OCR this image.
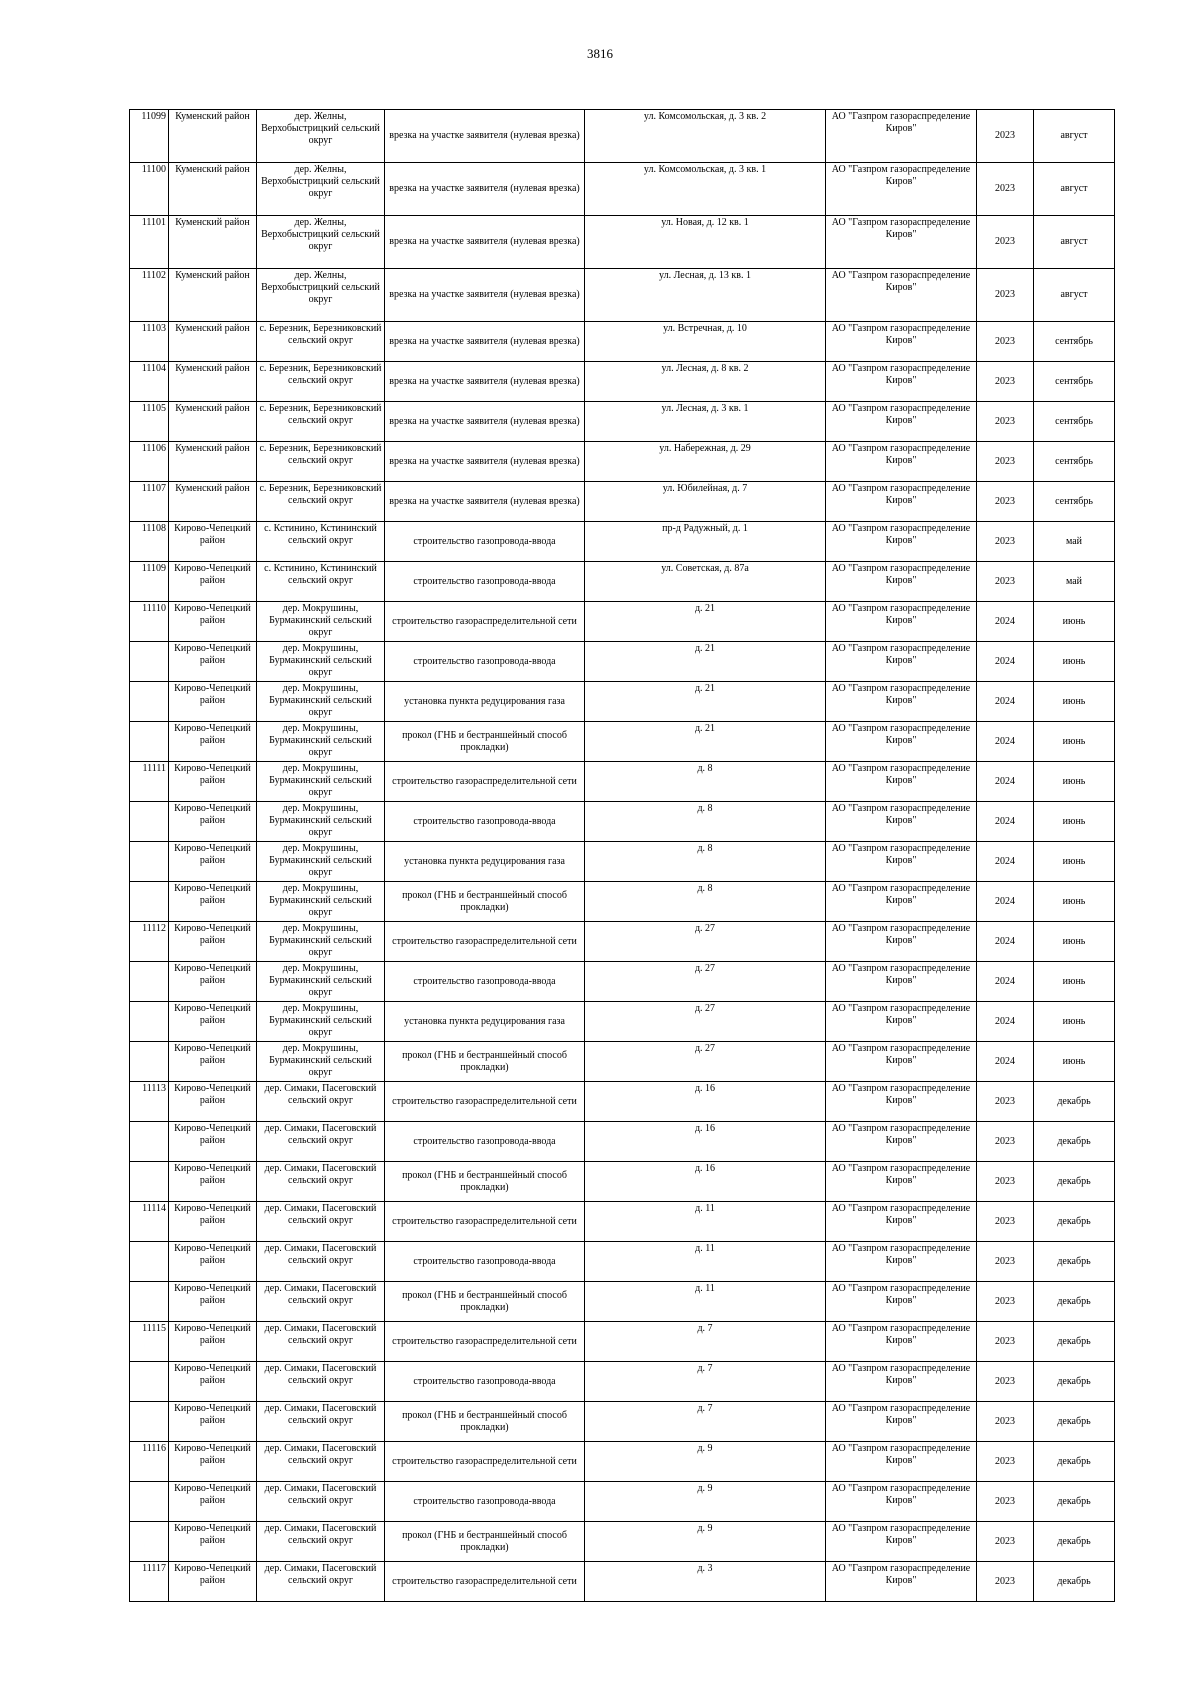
3816
11099	Куменский район	дер. Желны, Верхобыстрицкий сельский округ	врезка на участке заявителя (нулевая врезка)	ул. Комсомольская, д. 3 кв. 2	АО "Газпром газораспределение Киров"	2023	август
11100	Куменский район	дер. Желны, Верхобыстрицкий сельский округ	врезка на участке заявителя (нулевая врезка)	ул. Комсомольская, д. 3 кв. 1	АО "Газпром газораспределение Киров"	2023	август
11101	Куменский район	дер. Желны, Верхобыстрицкий сельский округ	врезка на участке заявителя (нулевая врезка)	ул. Новая, д. 12 кв. 1	АО "Газпром газораспределение Киров"	2023	август
11102	Куменский район	дер. Желны, Верхобыстрицкий сельский округ	врезка на участке заявителя (нулевая врезка)	ул. Лесная, д. 13 кв. 1	АО "Газпром газораспределение Киров"	2023	август
11103	Куменский район	с. Березник, Березниковский сельский округ	врезка на участке заявителя (нулевая врезка)	ул. Встречная, д. 10	АО "Газпром газораспределение Киров"	2023	сентябрь
11104	Куменский район	с. Березник, Березниковский сельский округ	врезка на участке заявителя (нулевая врезка)	ул. Лесная, д. 8 кв. 2	АО "Газпром газораспределение Киров"	2023	сентябрь
11105	Куменский район	с. Березник, Березниковский сельский округ	врезка на участке заявителя (нулевая врезка)	ул. Лесная, д. 3 кв. 1	АО "Газпром газораспределение Киров"	2023	сентябрь
11106	Куменский район	с. Березник, Березниковский сельский округ	врезка на участке заявителя (нулевая врезка)	ул. Набережная, д. 29	АО "Газпром газораспределение Киров"	2023	сентябрь
11107	Куменский район	с. Березник, Березниковский сельский округ	врезка на участке заявителя (нулевая врезка)	ул. Юбилейная, д. 7	АО "Газпром газораспределение Киров"	2023	сентябрь
11108	Кирово-Чепецкий район	с. Кстинино, Кстининский сельский округ	строительство газопровода-ввода	пр-д Радужный, д. 1	АО "Газпром газораспределение Киров"	2023	май
11109	Кирово-Чепецкий район	с. Кстинино, Кстининский сельский округ	строительство газопровода-ввода	ул. Советская, д. 87а	АО "Газпром газораспределение Киров"	2023	май
11110	Кирово-Чепецкий район	дер. Мокрушины, Бурмакинский сельский округ	строительство газораспределительной сети	д. 21	АО "Газпром газораспределение Киров"	2024	июнь
	Кирово-Чепецкий район	дер. Мокрушины, Бурмакинский сельский округ	строительство газопровода-ввода	д. 21	АО "Газпром газораспределение Киров"	2024	июнь
	Кирово-Чепецкий район	дер. Мокрушины, Бурмакинский сельский округ	установка пункта редуцирования газа	д. 21	АО "Газпром газораспределение Киров"	2024	июнь
	Кирово-Чепецкий район	дер. Мокрушины, Бурмакинский сельский округ	прокол (ГНБ и бестраншейный способ прокладки)	д. 21	АО "Газпром газораспределение Киров"	2024	июнь
11111	Кирово-Чепецкий район	дер. Мокрушины, Бурмакинский сельский округ	строительство газораспределительной сети	д. 8	АО "Газпром газораспределение Киров"	2024	июнь
	Кирово-Чепецкий район	дер. Мокрушины, Бурмакинский сельский округ	строительство газопровода-ввода	д. 8	АО "Газпром газораспределение Киров"	2024	июнь
	Кирово-Чепецкий район	дер. Мокрушины, Бурмакинский сельский округ	установка пункта редуцирования газа	д. 8	АО "Газпром газораспределение Киров"	2024	июнь
	Кирово-Чепецкий район	дер. Мокрушины, Бурмакинский сельский округ	прокол (ГНБ и бестраншейный способ прокладки)	д. 8	АО "Газпром газораспределение Киров"	2024	июнь
11112	Кирово-Чепецкий район	дер. Мокрушины, Бурмакинский сельский округ	строительство газораспределительной сети	д. 27	АО "Газпром газораспределение Киров"	2024	июнь
	Кирово-Чепецкий район	дер. Мокрушины, Бурмакинский сельский округ	строительство газопровода-ввода	д. 27	АО "Газпром газораспределение Киров"	2024	июнь
	Кирово-Чепецкий район	дер. Мокрушины, Бурмакинский сельский округ	установка пункта редуцирования газа	д. 27	АО "Газпром газораспределение Киров"	2024	июнь
	Кирово-Чепецкий район	дер. Мокрушины, Бурмакинский сельский округ	прокол (ГНБ и бестраншейный способ прокладки)	д. 27	АО "Газпром газораспределение Киров"	2024	июнь
11113	Кирово-Чепецкий район	дер. Симаки, Пасеговский сельский округ	строительство газораспределительной сети	д. 16	АО "Газпром газораспределение Киров"	2023	декабрь
	Кирово-Чепецкий район	дер. Симаки, Пасеговский сельский округ	строительство газопровода-ввода	д. 16	АО "Газпром газораспределение Киров"	2023	декабрь
	Кирово-Чепецкий район	дер. Симаки, Пасеговский сельский округ	прокол (ГНБ и бестраншейный способ прокладки)	д. 16	АО "Газпром газораспределение Киров"	2023	декабрь
11114	Кирово-Чепецкий район	дер. Симаки, Пасеговский сельский округ	строительство газораспределительной сети	д. 11	АО "Газпром газораспределение Киров"	2023	декабрь
	Кирово-Чепецкий район	дер. Симаки, Пасеговский сельский округ	строительство газопровода-ввода	д. 11	АО "Газпром газораспределение Киров"	2023	декабрь
	Кирово-Чепецкий район	дер. Симаки, Пасеговский сельский округ	прокол (ГНБ и бестраншейный способ прокладки)	д. 11	АО "Газпром газораспределение Киров"	2023	декабрь
11115	Кирово-Чепецкий район	дер. Симаки, Пасеговский сельский округ	строительство газораспределительной сети	д. 7	АО "Газпром газораспределение Киров"	2023	декабрь
	Кирово-Чепецкий район	дер. Симаки, Пасеговский сельский округ	строительство газопровода-ввода	д. 7	АО "Газпром газораспределение Киров"	2023	декабрь
	Кирово-Чепецкий район	дер. Симаки, Пасеговский сельский округ	прокол (ГНБ и бестраншейный способ прокладки)	д. 7	АО "Газпром газораспределение Киров"	2023	декабрь
11116	Кирово-Чепецкий район	дер. Симаки, Пасеговский сельский округ	строительство газораспределительной сети	д. 9	АО "Газпром газораспределение Киров"	2023	декабрь
	Кирово-Чепецкий район	дер. Симаки, Пасеговский сельский округ	строительство газопровода-ввода	д. 9	АО "Газпром газораспределение Киров"	2023	декабрь
	Кирово-Чепецкий район	дер. Симаки, Пасеговский сельский округ	прокол (ГНБ и бестраншейный способ прокладки)	д. 9	АО "Газпром газораспределение Киров"	2023	декабрь
11117	Кирово-Чепецкий район	дер. Симаки, Пасеговский сельский округ	строительство газораспределительной сети	д. 3	АО "Газпром газораспределение Киров"	2023	декабрь
